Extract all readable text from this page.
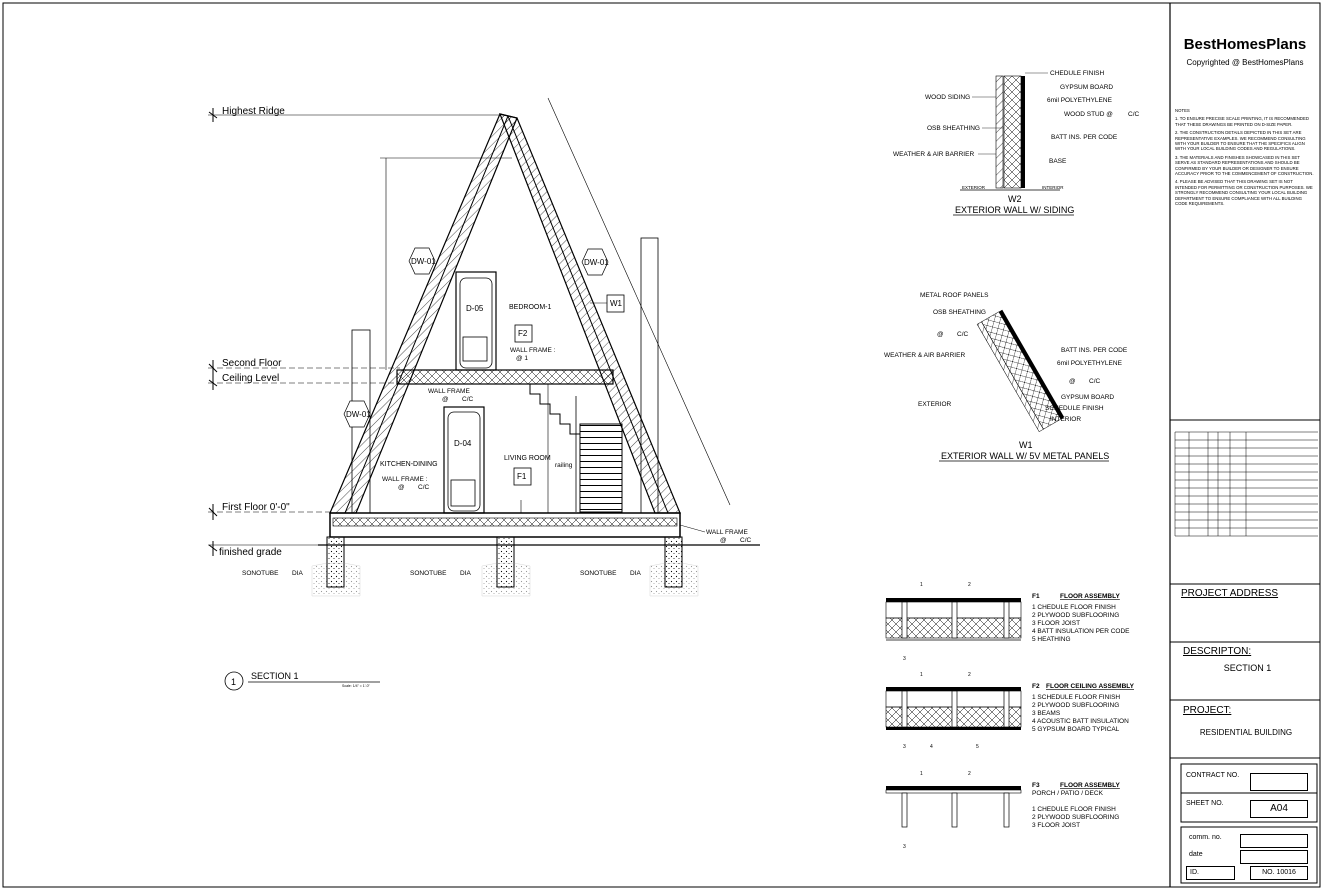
Highest Ridge
Second Floor
Ceiling Level
First Floor 0'-0"
finished grade
SONOTUBE DIA	SONOTUBE DIA	SONOTUBE DIA
D-05
D-04
DW-01	DW-01
DW-01
W1
F2
F1
BEDROOM-1
KITCHEN-DINING
LIVING ROOM
railing
WALL FRAME :
@ 1
WALL FRAME
@ C/C
WALL FRAME :
@ C/C
WALL FRAME
@ C/C
1
SECTION 1
Scale: 1/4" = 1'-0"
CHEDULE FINISH
GYPSUM BOARD
WOOD SIDING	6mil POLYETHYLENE
WOOD STUD @ C/C
OSB SHEATHING
BATT INS. PER CODE
WEATHER & AIR BARRIER
BASE
EXTERIOR	INTERIOR
W2
EXTERIOR WALL W/ SIDING
METAL ROOF PANELS
OSB SHEATHING
@ C/C
BATT INS. PER CODE
WEATHER & AIR BARRIER
6mil POLYETHYLENE
@ C/C
GYPSUM BOARD
EXTERIOR
SCHEDULE FINISH
INTERIOR
W1
EXTERIOR WALL W/ 5V METAL PANELS
1	2
3
F1	FLOOR ASSEMBLY
1 CHEDULE FLOOR FINISH
2 PLYWOOD SUBFLOORING
3 FLOOR JOIST
4 BATT INSULATION PER CODE
5 HEATHING
1	2
3	4	5
F2 FLOOR CEILING ASSEMBLY
1 SCHEDULE FLOOR FINISH
2 PLYWOOD SUBFLOORING
3 BEAMS
4 ACOUSTIC BATT INSULATION
5 GYPSUM BOARD TYPICAL
1	2
3
F3	FLOOR ASSEMBLY
PORCH / PATIO / DECK
1 CHEDULE FLOOR FINISH
2 PLYWOOD SUBFLOORING
3 FLOOR JOIST
BestHomesPlans
Copyrighted @ BestHomesPlans

NOTES

1. TO ENSURE PRECISE SCALE PRINTING, IT IS RECOMMENDED THAT THESE DRAWINGS BE PRINTED ON D-SIZE PAPER.

2. THE CONSTRUCTION DETAILS DEPICTED IN THIS SET ARE REPRESENTATIVE EXAMPLES. WE RECOMMEND CONSULTING WITH YOUR BUILDER TO ENSURE THAT THE SPECIFICS ALIGN WITH YOUR LOCAL BUILDING CODES AND REGULATIONS.

3. THE MATERIALS AND FINISHES SHOWCASED IN THIS SET SERVE AS STANDARD REPRESENTATIONS AND SHOULD BE CONFIRMED BY YOUR BUILDER OR DESIGNER TO ENSURE ACCURACY PRIOR TO THE COMMENCEMENT OF CONSTRUCTION.

4. PLEASE BE ADVISED THAT THIS DRAWING SET IS NOT INTENDED FOR PERMITTING OR CONSTRUCTION PURPOSES. WE STRONGLY RECOMMEND CONSULTING YOUR LOCAL BUILDING DEPARTMENT TO ENSURE COMPLIANCE WITH ALL BUILDING CODE REQUIREMENTS.

PROJECT ADDRESS
DESCRIPTON:
SECTION 1
PROJECT:
RESIDENTIAL BUILDING
CONTRACT NO.
SHEET NO.	A04
comm. no.
date
ID.	NO. 10016
